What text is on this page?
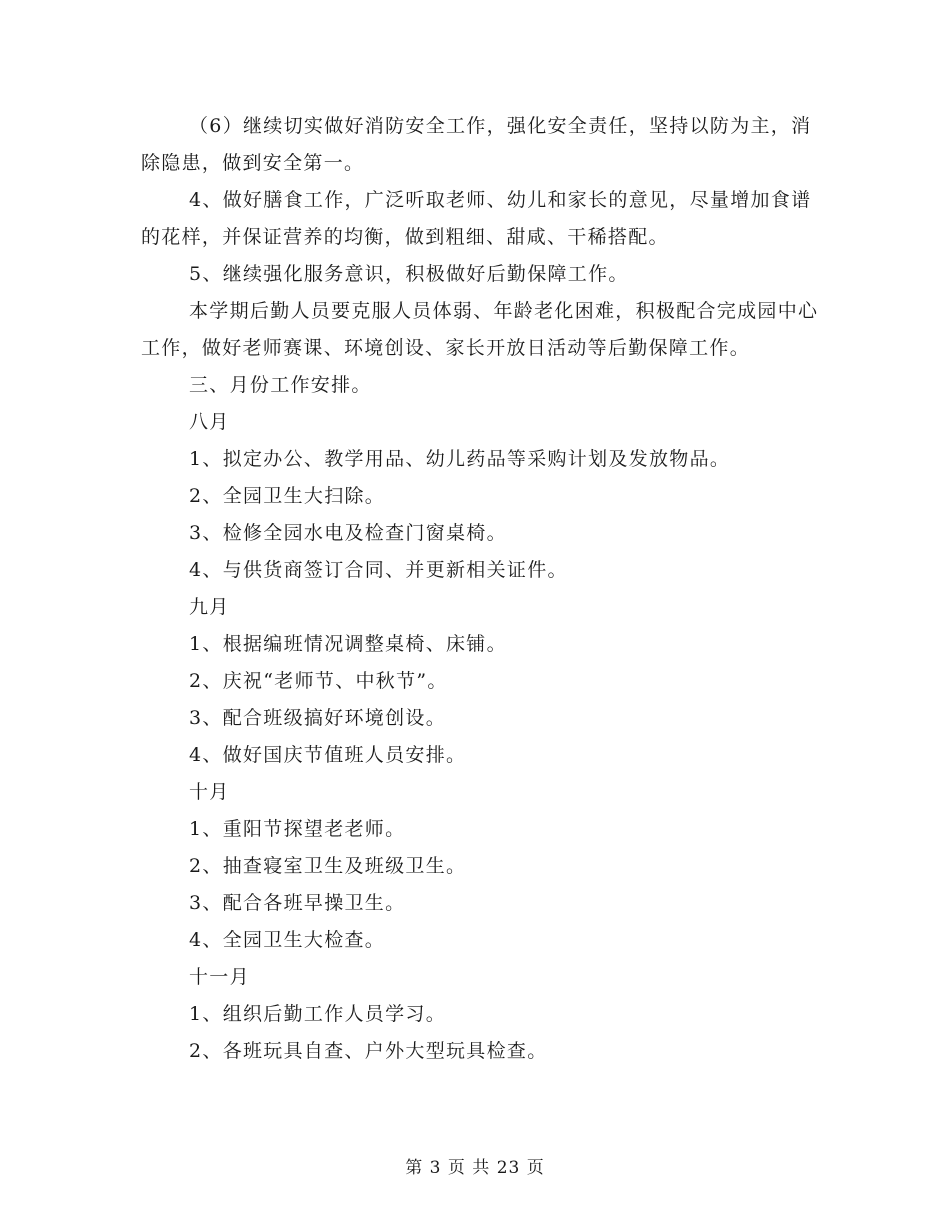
（6）继续切实做好消防安全工作，强化安全责任，坚持以防为主，消除隐患，做到安全第一。

4、做好膳食工作，广泛听取老师、幼儿和家长的意见，尽量增加食谱的花样，并保证营养的均衡，做到粗细、甜咸、干稀搭配。

5、继续强化服务意识，积极做好后勤保障工作。

本学期后勤人员要克服人员体弱、年龄老化困难，积极配合完成园中心工作，做好老师赛课、环境创设、家长开放日活动等后勤保障工作。

三、月份工作安排。

八月

1、拟定办公、教学用品、幼儿药品等采购计划及发放物品。

2、全园卫生大扫除。

3、检修全园水电及检查门窗桌椅。

4、与供货商签订合同、并更新相关证件。

九月

1、根据编班情况调整桌椅、床铺。

2、庆祝“老师节、中秋节”。

3、配合班级搞好环境创设。

4、做好国庆节值班人员安排。

十月

1、重阳节探望老老师。

2、抽查寝室卫生及班级卫生。

3、配合各班早操卫生。

4、全园卫生大检查。

十一月

1、组织后勤工作人员学习。

2、各班玩具自查、户外大型玩具检查。

第 3 页 共 23 页
